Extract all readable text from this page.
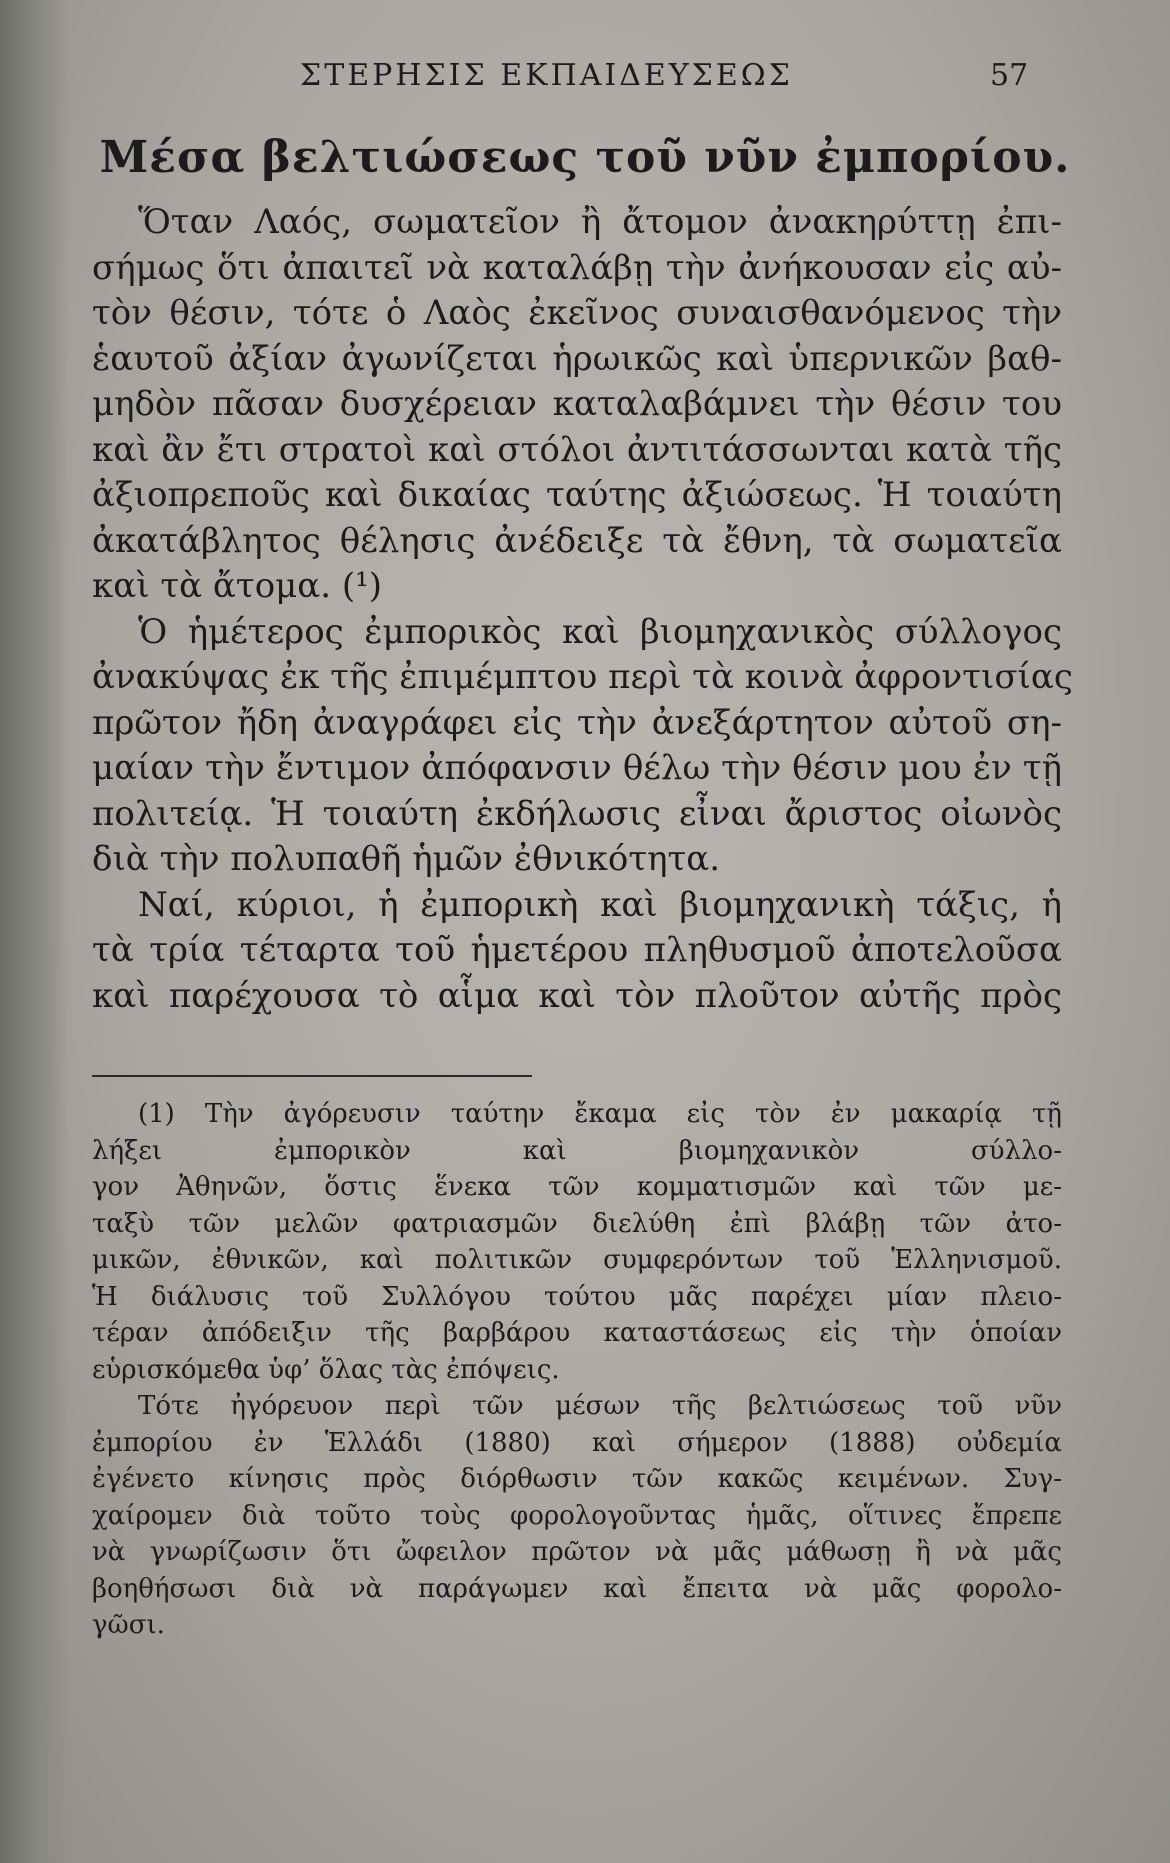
ΣΤΕΡΗΣΙΣ ΕΚΠΑΙΔΕΥΣΕΩΣ	57
Μέσα βελτιώσεως τοῦ νῦν ἐμπορίου.
Ὅταν Λαός, σωματεῖον ἢ ἄτομον ἀνακηρύττῃ ἐπι-
σήμως ὅτι ἀπαιτεῖ νὰ καταλάβῃ τὴν ἀνήκουσαν εἰς αὐ-
τὸν θέσιν, τότε ὁ Λαὸς ἐκεῖνος συναισθανόμενος τὴν
ἑαυτοῦ ἀξίαν ἀγωνίζεται ἡρωικῶς καὶ ὑπερνικῶν βαθ-
μηδὸν πᾶσαν δυσχέρειαν καταλαβάμνει τὴν θέσιν του
καὶ ἂν ἔτι στρατοὶ καὶ στόλοι ἀντιτάσσωνται κατὰ τῆς
ἀξιοπρεποῦς καὶ δικαίας ταύτης ἀξιώσεως. Ἡ τοιαύτη
ἀκατάβλητος θέλησις ἀνέδειξε τὰ ἔθνη, τὰ σωματεῖα
καὶ τὰ ἄτομα. (¹)
Ὁ ἡμέτερος ἐμπορικὸς καὶ βιομηχανικὸς σύλλογος
ἀνακύψας ἐκ τῆς ἐπιμέμπτου περὶ τὰ κοινὰ ἀφροντισίας
πρῶτον ἤδη ἀναγράφει εἰς τὴν ἀνεξάρτητον αὐτοῦ ση-
μαίαν τὴν ἔντιμον ἀπόφανσιν θέλω τὴν θέσιν μου ἐν τῇ
πολιτείᾳ. Ἡ τοιαύτη ἐκδήλωσις εἶναι ἄριστος οἰωνὸς
διὰ τὴν πολυπαθῆ ἡμῶν ἐθνικότητα.
Ναί, κύριοι, ἡ ἐμπορικὴ καὶ βιομηχανικὴ τάξις, ἡ
τὰ τρία τέταρτα τοῦ ἡμετέρου πληθυσμοῦ ἀποτελοῦσα
καὶ παρέχουσα τὸ αἷμα καὶ τὸν πλοῦτον αὐτῆς πρὸς
(1) Τὴν ἀγόρευσιν ταύτην ἔκαμα εἰς τὸν ἐν μακαρίᾳ τῇ
λήξει ἐμπορικὸν καὶ βιομηχανικὸν σύλλο-
γον Ἀθηνῶν, ὅστις ἕνεκα τῶν κομματισμῶν καὶ τῶν με-
ταξὺ τῶν μελῶν φατριασμῶν διελύθη ἐπὶ βλάβῃ τῶν ἀτο-
μικῶν, ἐθνικῶν, καὶ πολιτικῶν συμφερόντων τοῦ Ἑλληνισμοῦ.
Ἡ διάλυσις τοῦ Συλλόγου τούτου μᾶς παρέχει μίαν πλειο-
τέραν ἀπόδειξιν τῆς βαρβάρου καταστάσεως εἰς τὴν ὁποίαν
εὑρισκόμεθα ὑφ’ ὅλας τὰς ἐπόψεις.
Τότε ἠγόρευον περὶ τῶν μέσων τῆς βελτιώσεως τοῦ νῦν
ἐμπορίου ἐν Ἑλλάδι (1880) καὶ σήμερον (1888) οὐδεμία
ἐγένετο κίνησις πρὸς διόρθωσιν τῶν κακῶς κειμένων. Συγ-
χαίρομεν διὰ τοῦτο τοὺς φορολογοῦντας ἡμᾶς, οἵτινες ἔπρεπε
νὰ γνωρίζωσιν ὅτι ὤφειλον πρῶτον νὰ μᾶς μάθωσῃ ἢ νὰ μᾶς
βοηθήσωσι διὰ νὰ παράγωμεν καὶ ἔπειτα νὰ μᾶς φορολο-
γῶσι.
